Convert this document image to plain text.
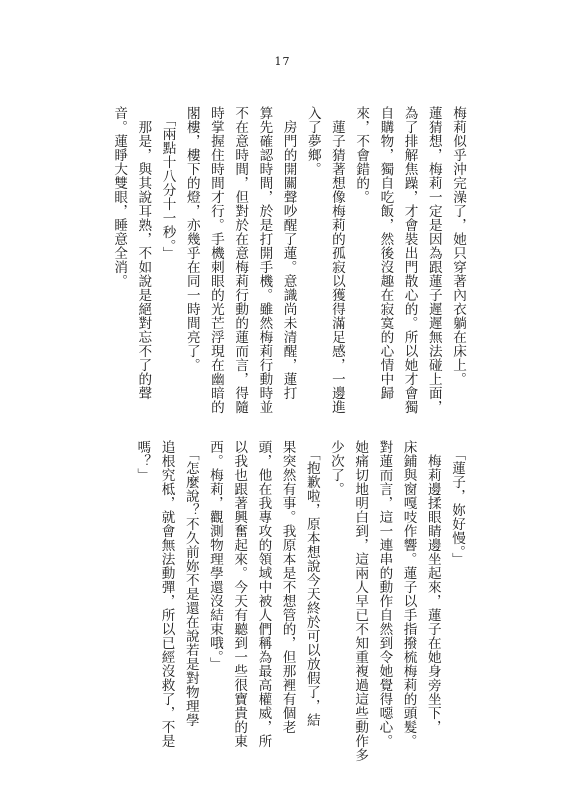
17
梅莉似乎沖完澡了，她只穿著內衣躺在床上。
蓮猜想，梅莉一定是因為跟蓮子遲遲無法碰上面，
為了排解焦躁，才會裝出門散心的。所以她才會獨
自購物，獨自吃飯，然後沒趣在寂寞的心情中歸
來，不會錯的。
　蓮子猜著想像梅莉的孤寂以獲得滿足感，一邊進
入了夢鄉。
　房門的開關聲吵醒了蓮。意識尚未清醒，蓮打
算先確認時間，於是打開手機。雖然梅莉行動時並
不在意時間，但對於在意梅莉行動的蓮而言，得隨
時掌握住時間才行。手機刺眼的光芒浮現在幽暗的
閣樓，樓下的燈，亦幾乎在同一時間亮了。
　「兩點十八分十一秒。」
　那是，與其說耳熟，不如說是絕對忘不了的聲
音。蓮睜大雙眼，睡意全消。
　「蓮子，妳好慢。」
　梅莉邊揉眼睛邊坐起來，蓮子在她身旁坐下，
床鋪與窗嘎吱作響。蓮子以手指撥梳梅莉的頭髮。
對蓮而言，這一連串的動作自然到令她覺得噁心。
她痛切地明白到，這兩人早已不知重複過這些動作多
少次了。
　「抱歉啦，原本想說今天終於可以放假了，結
果突然有事。我原本是不想管的，但那裡有個老
頭，他在我專攻的領域中被人們稱為最高權威，所
以我也跟著興奮起來。今天有聽到一些很寶貴的東
西。梅莉，觀測物理學還沒結束哦。」
　「怎麼說？不久前妳不是還在說若是對物理學
追根究柢，就會無法動彈，所以已經沒救了，不是
嗎？」
